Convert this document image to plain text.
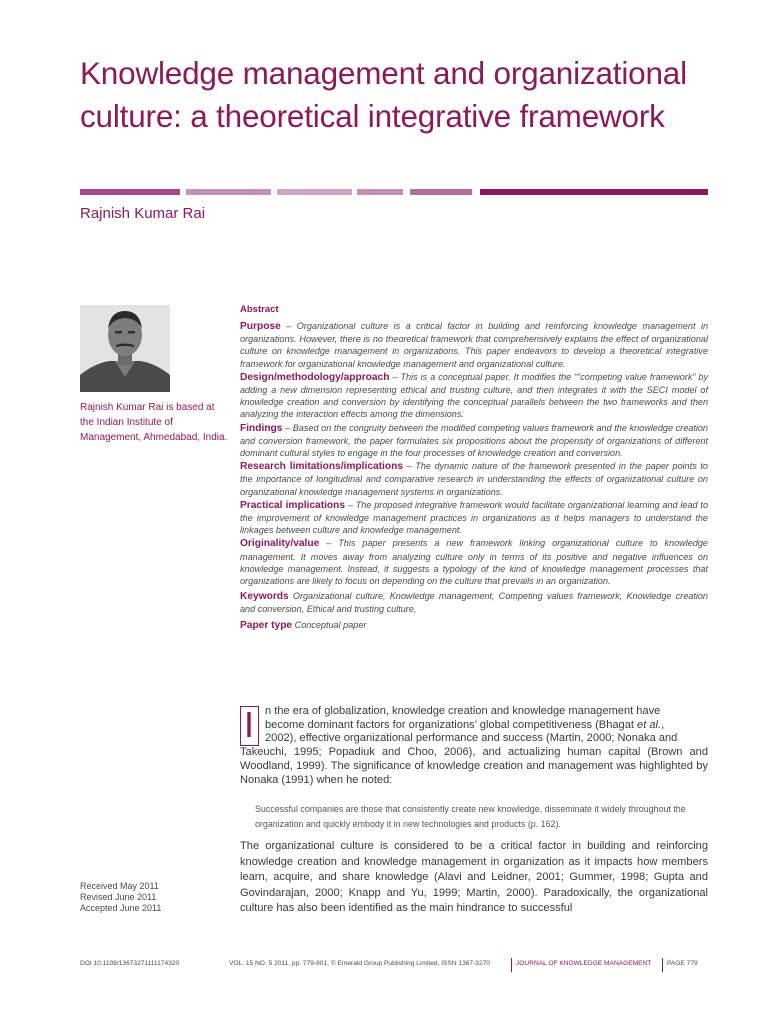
Knowledge management and organizational culture: a theoretical integrative framework
Rajnish Kumar Rai
Rajnish Kumar Rai is based at the Indian Institute of Management, Ahmedabad, India.
Abstract

Purpose – Organizational culture is a critical factor in building and reinforcing knowledge management in organizations. However, there is no theoretical framework that comprehensively explains the effect of organizational culture on knowledge management in organizations. This paper endeavors to develop a theoretical integrative framework for organizational knowledge management and organizational culture.

Design/methodology/approach – This is a conceptual paper. It modifies the ““competing value framework” by adding a new dimension representing ethical and trusting culture, and then integrates it with the SECI model of knowledge creation and conversion by identifying the conceptual parallels between the two frameworks and then analyzing the interaction effects among the dimensions.

Findings – Based on the congruity between the modified competing values framework and the knowledge creation and conversion framework, the paper formulates six propositions about the propensity of organizations of different dominant cultural styles to engage in the four processes of knowledge creation and conversion.

Research limitations/implications – The dynamic nature of the framework presented in the paper points to the importance of longitudinal and comparative research in understanding the effects of organizational culture on organizational knowledge management systems in organizations.

Practical implications – The proposed integrative framework would facilitate organizational learning and lead to the improvement of knowledge management practices in organizations as it helps managers to understand the linkages between culture and knowledge management.

Originality/value – This paper presents a new framework linking organizational culture to knowledge management. It moves away from analyzing culture only in terms of its positive and negative influences on knowledge management. Instead, it suggests a typology of the kind of knowledge management processes that organizations are likely to focus on depending on the culture that prevails in an organization.

Keywords Organizational culture, Knowledge management, Competing values framework, Knowledge creation and conversion, Ethical and trusting culture,

Paper type Conceptual paper

I n the era of globalization, knowledge creation and knowledge management have
become dominant factors for organizations’ global competitiveness (Bhagat et al.,
2002), effective organizational performance and success (Martin, 2000; Nonaka and
Takeuchi, 1995; Popadiuk and Choo, 2006), and actualizing human capital (Brown and Woodland, 1999). The significance of knowledge creation and management was highlighted by Nonaka (1991) when he noted:
Successful companies are those that consistently create new knowledge, disseminate it widely throughout the organization and quickly embody it in new technologies and products (p. 162).
The organizational culture is considered to be a critical factor in building and reinforcing knowledge creation and knowledge management in organization as it impacts how members learn, acquire, and share knowledge (Alavi and Leidner, 2001; Gummer, 1998; Gupta and Govindarajan, 2000; Knapp and Yu, 1999; Martin, 2000). Paradoxically, the organizational culture has also been identified as the main hindrance to successful
Received May 2011
Revised June 2011
Accepted June 2011
DOI 10.1108/13673271111174320	VOL. 15 NO. 5 2011, pp. 779-801, © Emerald Group Publishing Limited, ISSN 1367-3270	JOURNAL OF KNOWLEDGE MANAGEMENT PAGE 779
